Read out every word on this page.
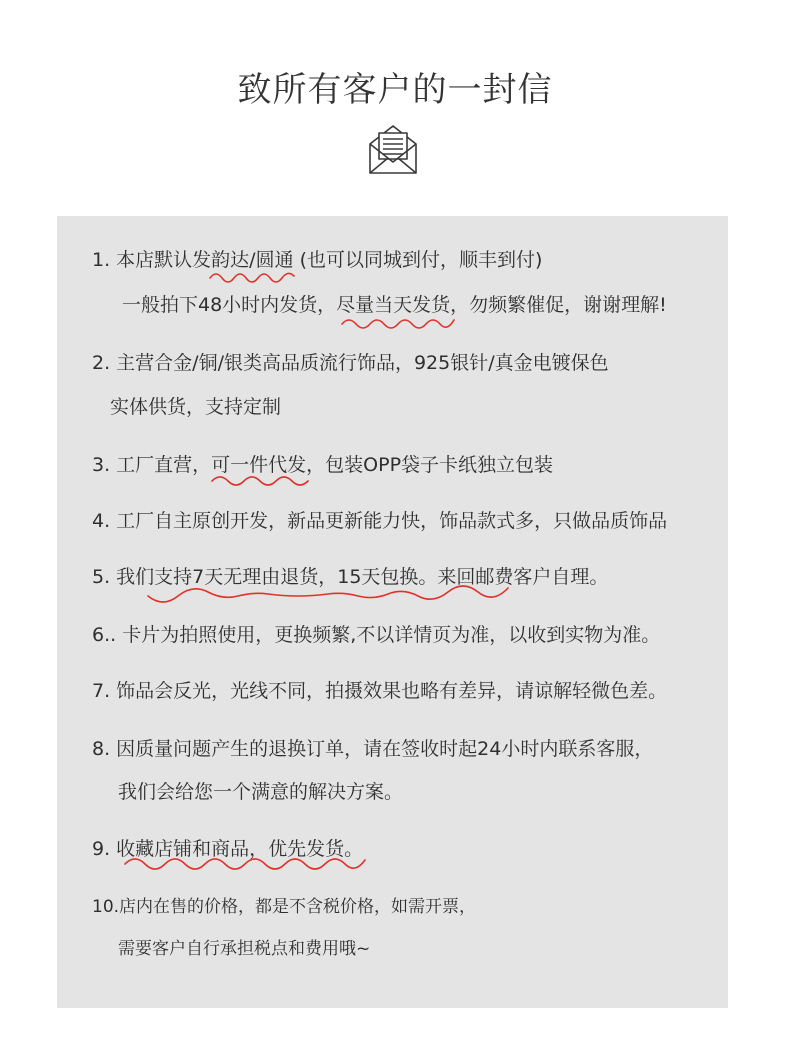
致所有客户的一封信
1. 本店默认发韵达/圆通 (也可以同城到付，顺丰到付)
一般拍下48小时内发货，尽量当天发货，勿频繁催促，谢谢理解!
2. 主营合金/铜/银类高品质流行饰品，925银针/真金电镀保色
实体供货，支持定制
3. 工厂直营，可一件代发，包装OPP袋子卡纸独立包装
4. 工厂自主原创开发，新品更新能力快，饰品款式多，只做品质饰品
5. 我们支持7天无理由退货，15天包换。来回邮费客户自理。
6.. 卡片为拍照使用，更换频繁,不以详情页为准，以收到实物为准。
7. 饰品会反光，光线不同，拍摄效果也略有差异，请谅解轻微色差。
8. 因质量问题产生的退换订单，请在签收时起24小时内联系客服，
我们会给您一个满意的解决方案。
9. 收藏店铺和商品，优先发货。
10.店内在售的价格，都是不含税价格，如需开票，
需要客户自行承担税点和费用哦~
